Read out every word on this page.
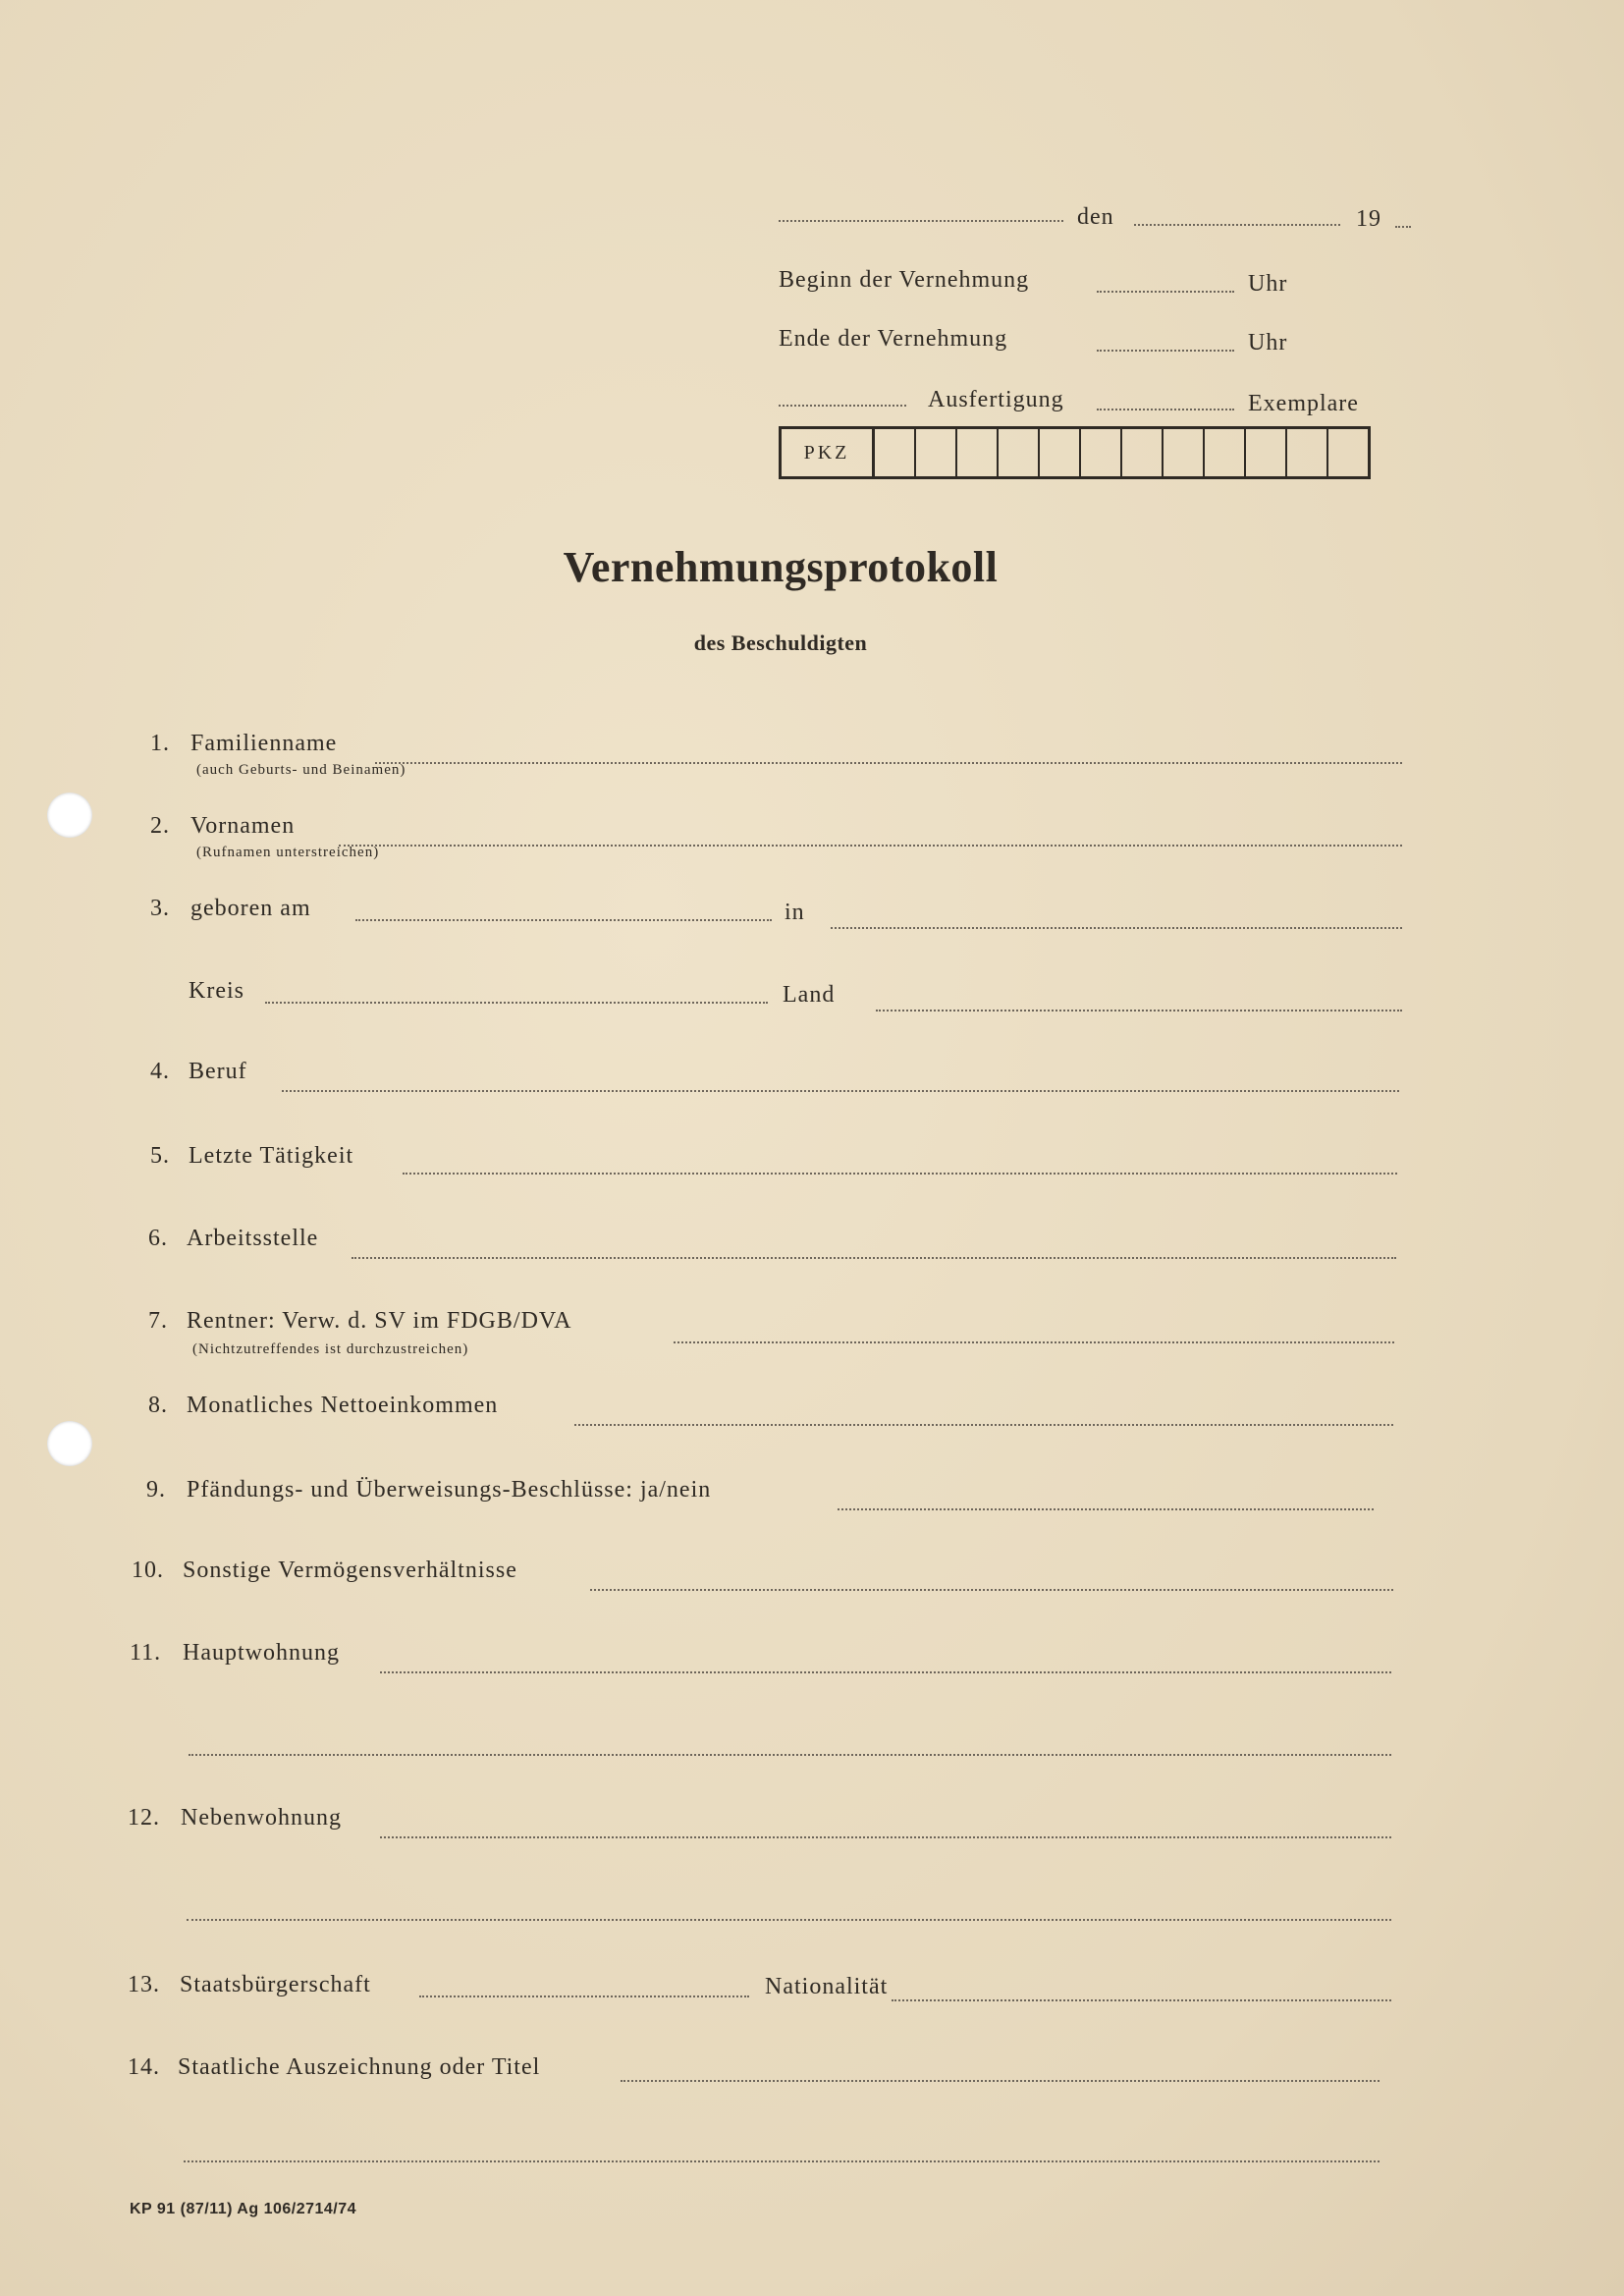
den	19
Beginn der Vernehmung	Uhr
Ende der Vernehmung	Uhr
Ausfertigung	Exemplare
PKZ
Vernehmungsprotokoll
des Beschuldigten
1. Familienname
(auch Geburts- und Beinamen)
2. Vornamen
(Rufnamen unterstreichen)
3. geboren am	in
Kreis	Land
4. Beruf
5. Letzte Tätigkeit
6. Arbeitsstelle
7. Rentner: Verw. d. SV im FDGB/DVA
(Nichtzutreffendes ist durchzustreichen)
8. Monatliches Nettoeinkommen
9. Pfändungs- und Überweisungs-Beschlüsse: ja/nein
10. Sonstige Vermögensverhältnisse
11. Hauptwohnung
12. Nebenwohnung
13. Staatsbürgerschaft	Nationalität
14. Staatliche Auszeichnung oder Titel
KP 91 (87/11) Ag 106/2714/74
